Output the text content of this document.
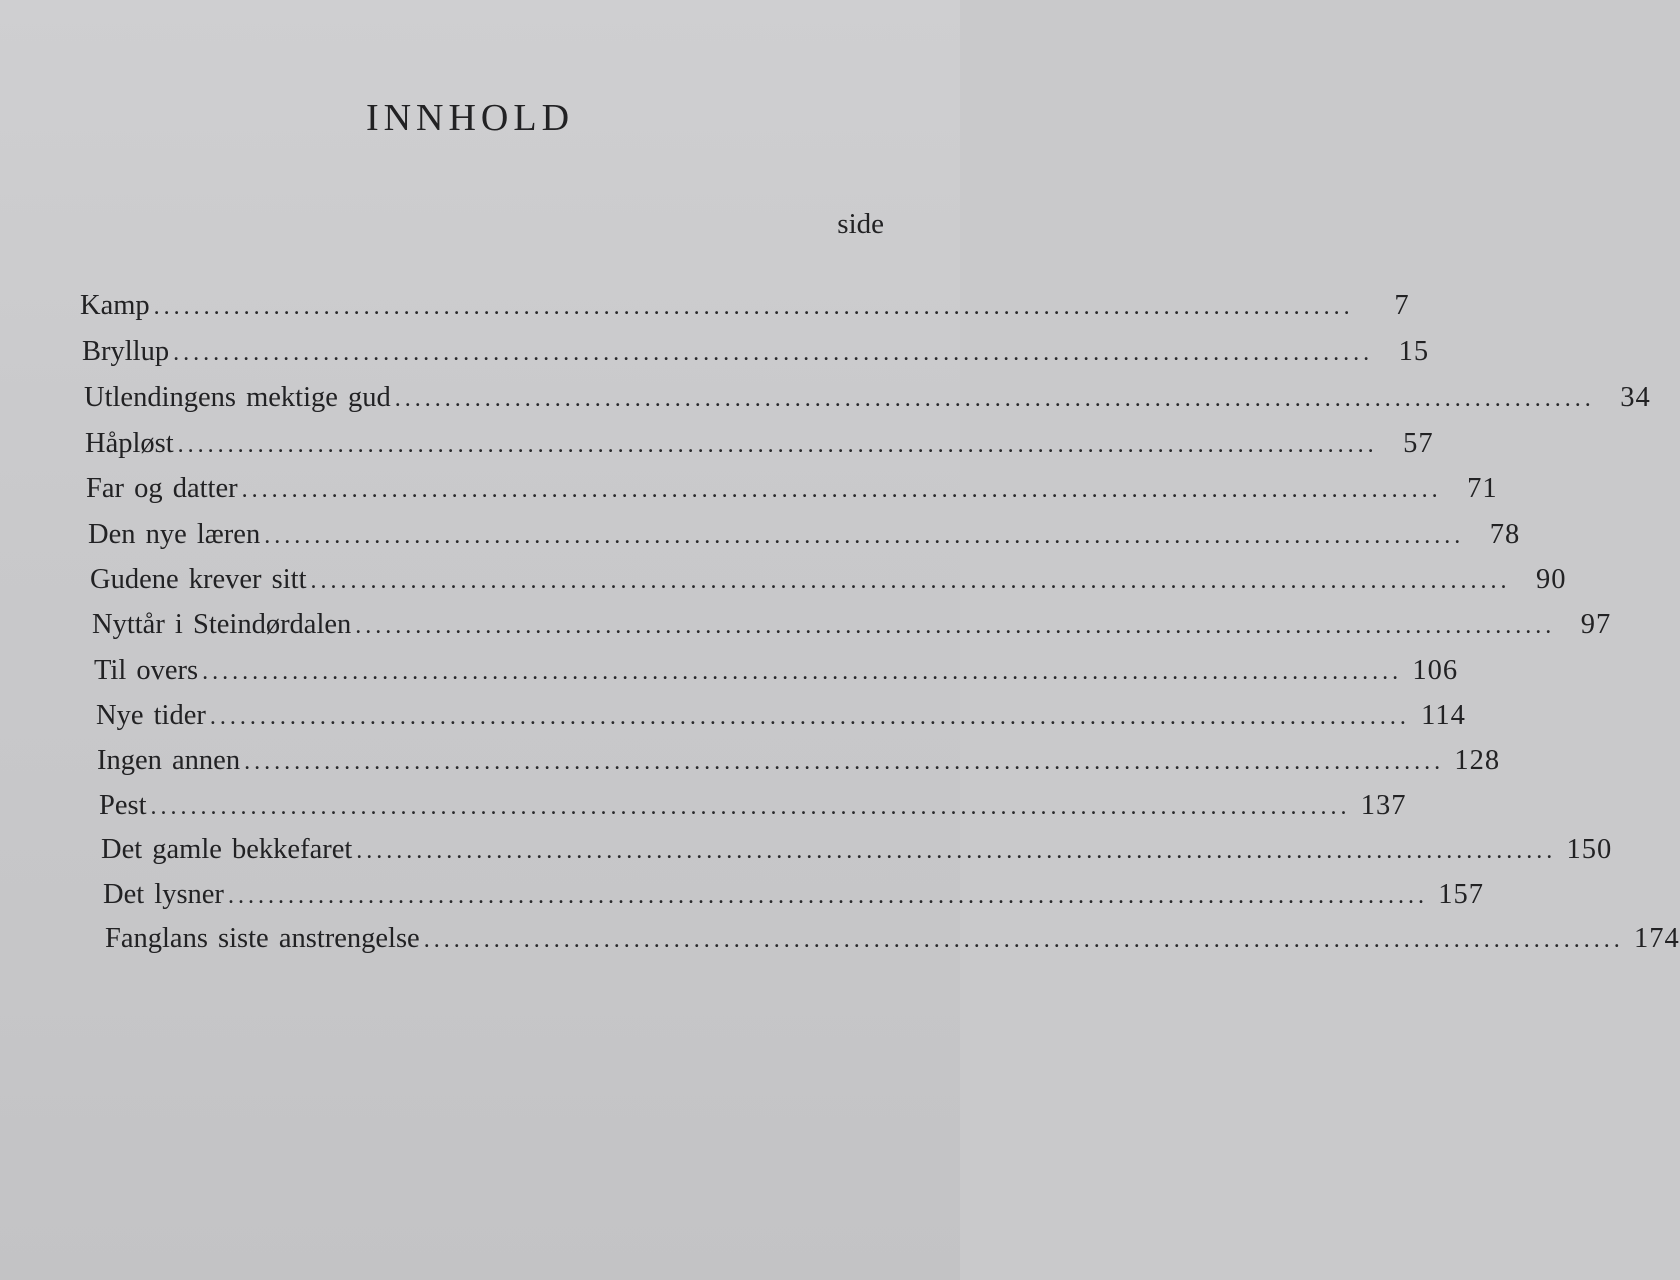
INNHOLD
side
Kamp ........................................................................................................................	7
Bryllup ........................................................................................................................ 15
Utlendingens mektige gud ........................................................................................................................ 34
Håpløst ........................................................................................................................ 57
Far og datter ........................................................................................................................ 71
Den nye læren ........................................................................................................................ 78
Gudene krever sitt ........................................................................................................................ 90
Nyttår i Steindørdalen ........................................................................................................................ 97
Til overs ........................................................................................................................ 106
Nye tider ........................................................................................................................ 114
Ingen annen ........................................................................................................................ 128
Pest ........................................................................................................................ 137
Det gamle bekkefaret ........................................................................................................................ 150
Det lysner ........................................................................................................................ 157
Fanglans siste anstrengelse ........................................................................................................................ 174
